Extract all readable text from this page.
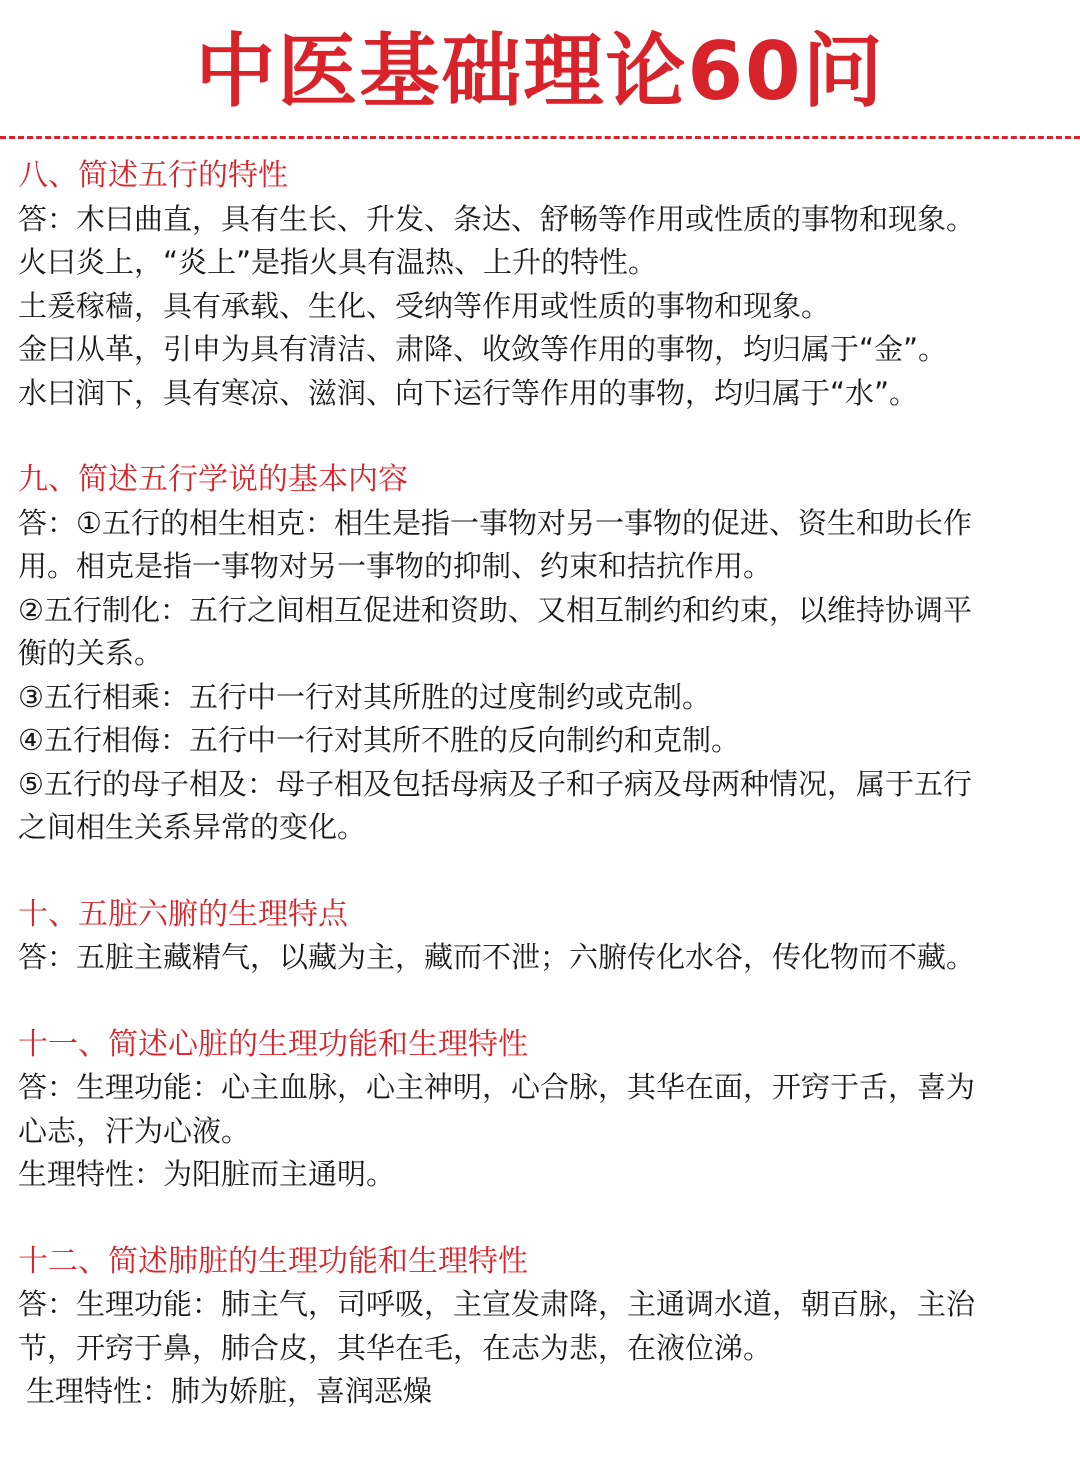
中医基础理论60问
八、简述五行的特性
答：木曰曲直，具有生长、升发、条达、舒畅等作用或性质的事物和现象。
火曰炎上，“炎上”是指火具有温热、上升的特性。
土爰稼穑，具有承载、生化、受纳等作用或性质的事物和现象。
金曰从革，引申为具有清洁、肃降、收敛等作用的事物，均归属于“金”。
水曰润下，具有寒凉、滋润、向下运行等作用的事物，均归属于“水”。
九、简述五行学说的基本内容
答：①五行的相生相克：相生是指一事物对另一事物的促进、资生和助长作
用。相克是指一事物对另一事物的抑制、约束和拮抗作用。
②五行制化：五行之间相互促进和资助、又相互制约和约束，以维持协调平
衡的关系。
③五行相乘：五行中一行对其所胜的过度制约或克制。
④五行相侮：五行中一行对其所不胜的反向制约和克制。
⑤五行的母子相及：母子相及包括母病及子和子病及母两种情况，属于五行
之间相生关系异常的变化。
十、五脏六腑的生理特点
答：五脏主藏精气，以藏为主，藏而不泄；六腑传化水谷，传化物而不藏。
十一、简述心脏的生理功能和生理特性
答：生理功能：心主血脉，心主神明，心合脉，其华在面，开窍于舌，喜为
心志，汗为心液。
生理特性：为阳脏而主通明。
十二、简述肺脏的生理功能和生理特性
答：生理功能：肺主气，司呼吸，主宣发肃降，主通调水道，朝百脉，主治
节，开窍于鼻，肺合皮，其华在毛，在志为悲，在液位涕。
生理特性：肺为娇脏，喜润恶燥
